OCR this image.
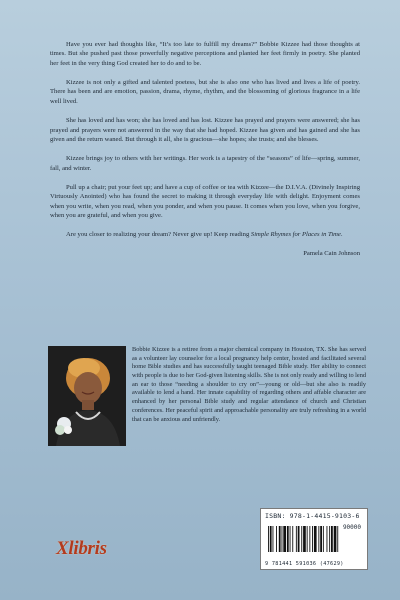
Have you ever had thoughts like, “It’s too late to fulfill my dreams?” Bobbie Kizzee had those thoughts at times. But she pushed past those powerfully negative perceptions and planted her feet firmly in poetry. She planted her feet in the very thing God created her to do and to be.

Kizzee is not only a gifted and talented poetess, but she is also one who has lived and lives a life of poetry. There has been and are emotion, passion, drama, rhyme, rhythm, and the blossoming of glorious fragrance in a life well lived.

She has loved and has won; she has loved and has lost. Kizzee has prayed and prayers were answered; she has prayed and prayers were not answered in the way that she had hoped. Kizzee has given and has gained and she has given and the return waned. But through it all, she is gracious—she hopes; she trusts; and she blesses.

Kizzee brings joy to others with her writings. Her work is a tapestry of the “seasons” of life—spring, summer, fall, and winter.

Pull up a chair; put your feet up; and have a cup of coffee or tea with Kizzee—the D.I.V.A. (Divinely Inspiring Virtuously Anointed) who has found the secret to making it through everyday life with delight. Enjoyment comes when you write, when you read, when you ponder, and when you pause. It comes when you love, when you forgive, when you are grateful, and when you give.

Are you closer to realizing your dream? Never give up! Keep reading Simple Rhymes for Places in Time.

Pamela Cain Johnson

Bobbie Kizzee is a retiree from a major chemical company in Houston, TX. She has served as a volunteer lay counselor for a local pregnancy help center, hosted and facilitated several home Bible studies and has successfully taught teenaged Bible study. Her ability to connect with people is due to her God-given listening skills. She is not only ready and willing to lend an ear to those “needing a shoulder to cry on”—young or old—but she also is readily available to lend a hand. Her innate capability of regarding others and affable character are enhanced by her personal Bible study and regular attendance of church and Christian conferences. Her peaceful spirit and approachable personality are truly refreshing in a world that can be anxious and unfriendly.

ISBN: 978-1-4415-9103-6
90000
9 781441 591036 (47629)
Xlibris
